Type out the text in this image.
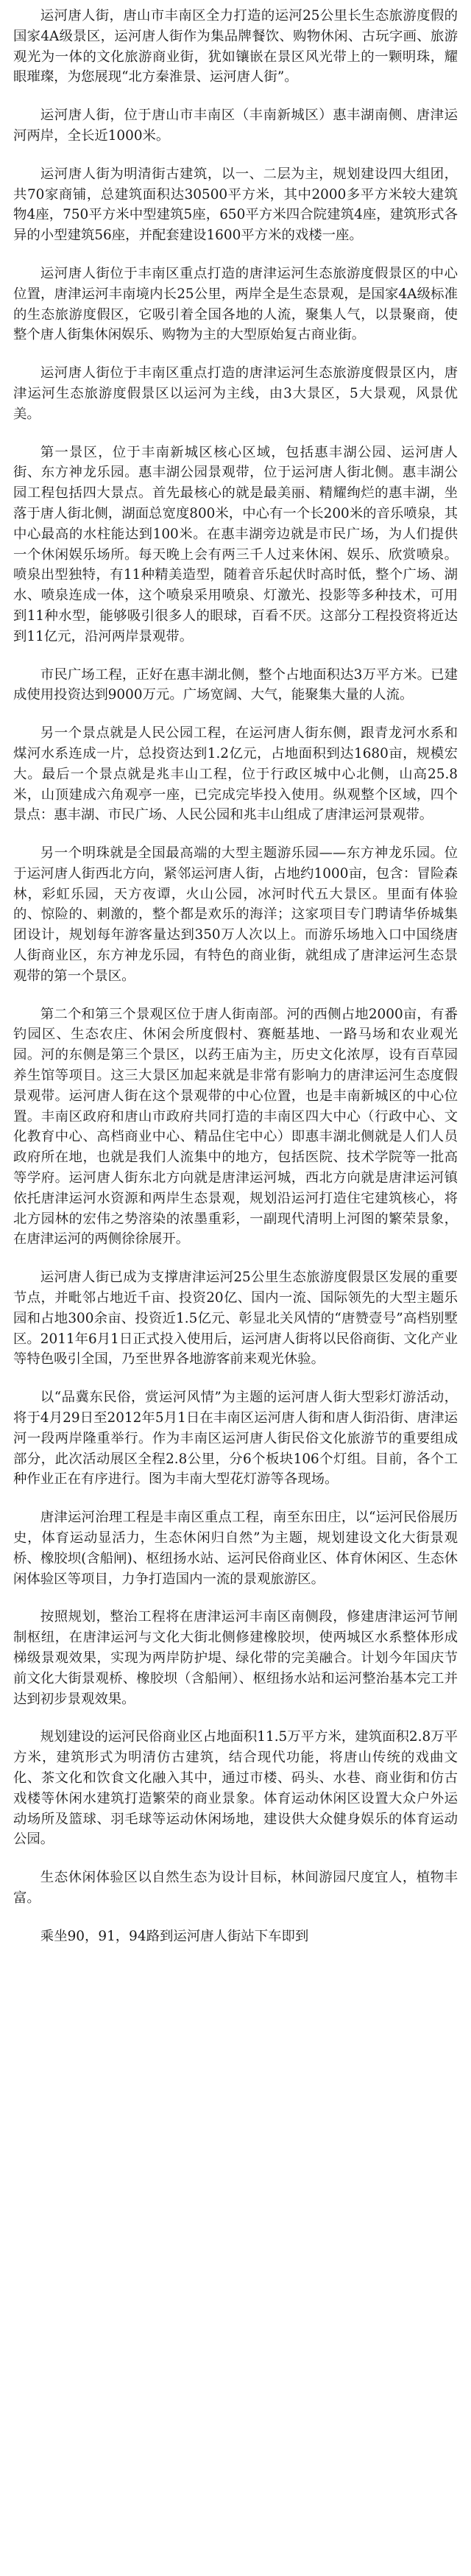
运河唐人街，唐山市丰南区全力打造的运河25公里长生态旅游度假的国家4A级景区，运河唐人街作为集品牌餐饮、购物休闲、古玩字画、旅游观光为一体的文化旅游商业街，犹如镶嵌在景区风光带上的一颗明珠，耀眼璀璨，为您展现“北方秦淮景、运河唐人街”。

运河唐人街，位于唐山市丰南区（丰南新城区）惠丰湖南侧、唐津运河两岸，全长近1000米。

运河唐人街为明清街古建筑，以一、二层为主，规划建设四大组团，共70家商铺，总建筑面积达30500平方米，其中2000多平方米较大建筑物4座，750平方米中型建筑5座，650平方米四合院建筑4座，建筑形式各异的小型建筑56座，并配套建设1600平方米的戏楼一座。

运河唐人街位于丰南区重点打造的唐津运河生态旅游度假景区的中心位置，唐津运河丰南境内长25公里，两岸全是生态景观，是国家4A级标准的生态旅游度假区，它吸引着全国各地的人流，聚集人气，以景聚商，使整个唐人街集休闲娱乐、购物为主的大型原始复古商业街。

运河唐人街位于丰南区重点打造的唐津运河生态旅游度假景区内，唐津运河生态旅游度假景区以运河为主线，由3大景区，5大景观，风景优美。

第一景区，位于丰南新城区核心区域，包括惠丰湖公园、运河唐人街、东方神龙乐园。惠丰湖公园景观带，位于运河唐人街北侧。惠丰湖公园工程包括四大景点。首先最核心的就是最美丽、精耀绚烂的惠丰湖，坐落于唐人街北侧，湖面总宽度800米，中心有一个长200米的音乐喷泉，其中心最高的水柱能达到100米。在惠丰湖旁边就是市民广场，为人们提供一个休闲娱乐场所。每天晚上会有两三千人过来休闲、娱乐、欣赏喷泉。喷泉出型独特，有11种精美造型，随着音乐起伏时高时低，整个广场、湖水、喷泉连成一体，这个喷泉采用喷泉、灯激光、投影等多种技术，可用到11种水型，能够吸引很多人的眼球，百看不厌。这部分工程投资将近达到11亿元，沿河两岸景观带。

市民广场工程，正好在惠丰湖北侧，整个占地面积达3万平方米。已建成使用投资达到9000万元。广场宽阔、大气，能聚集大量的人流。

另一个景点就是人民公园工程，在运河唐人街东侧，跟青龙河水系和煤河水系连成一片，总投资达到1.2亿元，占地面积到达1680亩，规模宏大。最后一个景点就是兆丰山工程，位于行政区城中心北侧，山高25.8米，山顶建成六角观亭一座，已完成完毕投入使用。纵观整个区域，四个景点：惠丰湖、市民广场、人民公园和兆丰山组成了唐津运河景观带。

另一个明珠就是全国最高端的大型主题游乐园——东方神龙乐园。位于运河唐人街西北方向，紧邻运河唐人街，占地约1000亩，包含：冒险森林，彩虹乐园，天方夜谭，火山公园，冰河时代五大景区。里面有体验的、惊险的、刺激的，整个都是欢乐的海洋；这家项目专门聘请华侨城集团设计，规划每年游客量达到350万人次以上。而游乐场地入口中国绕唐人街商业区，东方神龙乐园，有特色的商业街，就组成了唐津运河生态景观带的第一个景区。

第二个和第三个景观区位于唐人街南部。河的西侧占地2000亩，有番钓园区、生态农庄、休闲会所度假村、赛艇基地、一路马场和农业观光园。河的东侧是第三个景区，以药王庙为主，历史文化浓厚，设有百草园养生馆等项目。这三大景区加起来就是非常有影响力的唐津运河生态度假景观带。运河唐人街在这个景观带的中心位置，也是丰南新城区的中心位置。丰南区政府和唐山市政府共同打造的丰南区四大中心（行政中心、文化教育中心、高档商业中心、精品住宅中心）即惠丰湖北侧就是人们人员政府所在地，也就是我们人流集中的地方，包括医院、技术学院等一批高等学府。运河唐人街东北方向就是唐津运河城，西北方向就是唐津运河镇依托唐津运河水资源和两岸生态景观，规划沿运河打造住宅建筑核心，将北方园林的宏伟之势溶染的浓墨重彩，一副现代清明上河图的繁荣景象，在唐津运河的两侧徐徐展开。

运河唐人街已成为支撑唐津运河25公里生态旅游度假景区发展的重要节点，并毗邻占地近千亩、投资20亿、国内一流、国际领先的大型主题乐园和占地300余亩、投资近1.5亿元、彰显北关风情的“唐赞壹号”高档别墅区。2011年6月1日正式投入使用后，运河唐人街将以民俗商街、文化产业等特色吸引全国，乃至世界各地游客前来观光休验。

以“品冀东民俗，赏运河风情”为主题的运河唐人街大型彩灯游活动，将于4月29日至2012年5月1日在丰南区运河唐人街和唐人街沿街、唐津运河一段两岸隆重举行。作为丰南区运河唐人街民俗文化旅游节的重要组成部分，此次活动展区全程2.8公里，分6个板块106个灯组。目前，各个工种作业正在有序进行。图为丰南大型花灯游等各现场。

唐津运河治理工程是丰南区重点工程，南至东田庄，以“运河民俗展历史，体育运动显活力，生态休闲归自然”为主题，规划建设文化大街景观桥、橡胶坝(含船闸)、枢纽扬水站、运河民俗商业区、体育休闲区、生态休闲体验区等项目，力争打造国内一流的景观旅游区。

按照规划，整治工程将在唐津运河丰南区南侧段，修建唐津运河节闸制枢纽，在唐津运河与文化大街北侧修建橡胶坝，使两城区水系整体形成梯级景观效果，实现为两岸防护堤、绿化带的完美融合。计划今年国庆节前文化大街景观桥、橡胶坝（含船闸）、枢纽扬水站和运河整治基本完工并达到初步景观效果。

规划建设的运河民俗商业区占地面积11.5万平方米，建筑面积2.8万平方米，建筑形式为明清仿古建筑，结合现代功能，将唐山传统的戏曲文化、茶文化和饮食文化融入其中，通过市楼、码头、水巷、商业街和仿古戏楼等休闲水建筑打造繁荣的商业景象。体育运动休闲区设置大众户外运动场所及篮球、羽毛球等运动休闲场地，建设供大众健身娱乐的体育运动公园。

生态休闲体验区以自然生态为设计目标，林间游园尺度宜人，植物丰富。

乘坐90，91，94路到运河唐人街站下车即到
